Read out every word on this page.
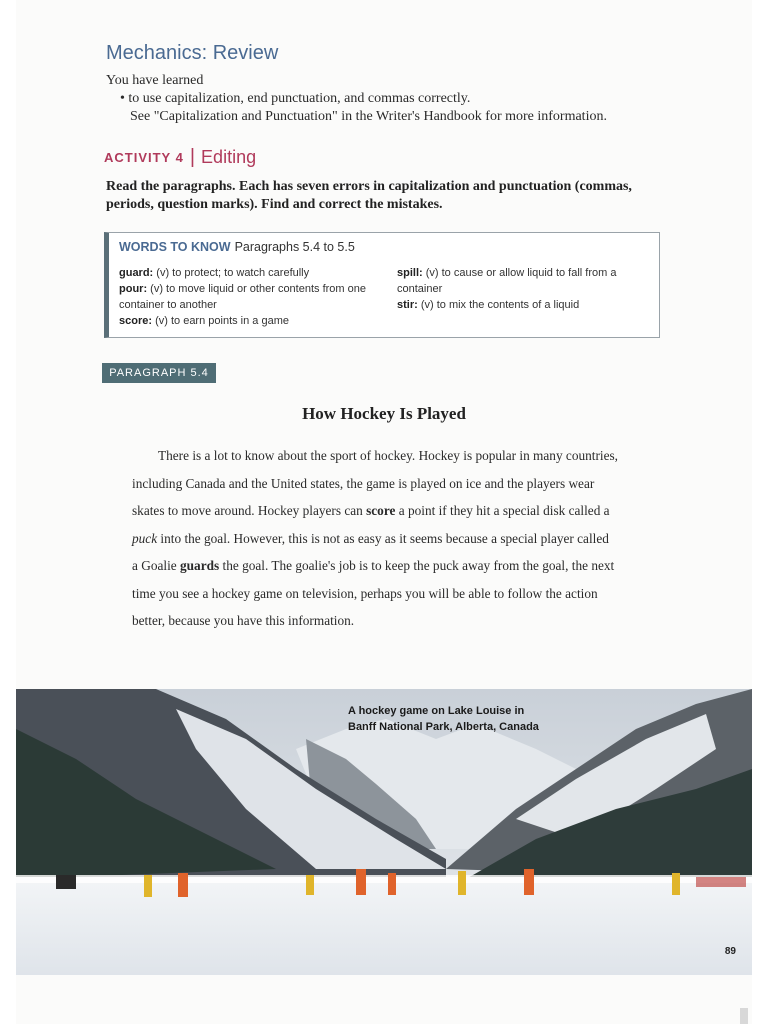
Mechanics: Review
You have learned
• to use capitalization, end punctuation, and commas correctly.
See "Capitalization and Punctuation" in the Writer's Handbook for more information.
ACTIVITY 4 | Editing
Read the paragraphs. Each has seven errors in capitalization and punctuation (commas, periods, question marks). Find and correct the mistakes.
WORDS TO KNOW Paragraphs 5.4 to 5.5
guard: (v) to protect; to watch carefully
pour: (v) to move liquid or other contents from one container to another
score: (v) to earn points in a game
spill: (v) to cause or allow liquid to fall from a container
stir: (v) to mix the contents of a liquid
PARAGRAPH 5.4
How Hockey Is Played
There is a lot to know about the sport of hockey. Hockey is popular in many countries, including Canada and the United states, the game is played on ice and the players wear skates to move around. Hockey players can score a point if they hit a special disk called a puck into the goal. However, this is not as easy as it seems because a special player called a Goalie guards the goal. The goalie's job is to keep the puck away from the goal, the next time you see a hockey game on television, perhaps you will be able to follow the action better, because you have this information.
A hockey game on Lake Louise in
Banff National Park, Alberta, Canada
89
